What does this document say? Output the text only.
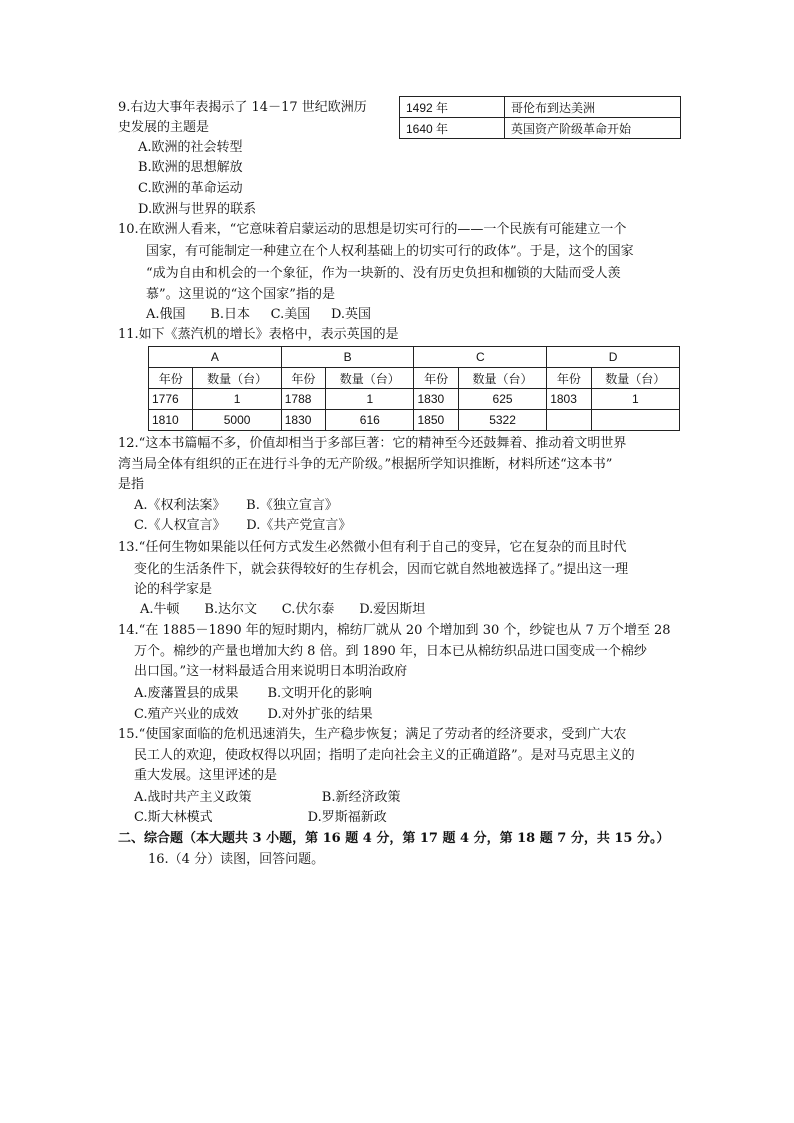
9.右边大事年表揭示了 14－17 世纪欧洲历
史发展的主题是
A.欧洲的社会转型
B.欧洲的思想解放
C.欧洲的革命运动
D.欧洲与世界的联系
1492 年	哥伦布到达美洲
1640 年	英国资产阶级革命开始
10.在欧洲人看来，“它意味着启蒙运动的思想是切实可行的——一个民族有可能建立一个
国家，有可能制定一种建立在个人权利基础上的切实可行的政体”。于是，这个的国家
“成为自由和机会的一个象征，作为一块新的、没有历史负担和枷锁的大陆而受人羡
慕”。这里说的“这个国家”指的是
A.俄国      B.日本     C.美国     D.英国
11.如下《蒸汽机的增长》表格中，表示英国的是
A		B		C		D	
年份	数量（台）	年份	数量（台）	年份	数量（台）	年份	数量（台）
1776	1	1788	1	1830	625	1803	1
1810	5000	1830	616	1850	5322		
12.“这本书篇幅不多，价值却相当于多部巨著：它的精神至今还鼓舞着、推动着文明世界
湾当局全体有组织的正在进行斗争的无产阶级。”根据所学知识推断，材料所述“这本书”
是指
A.《权利法案》     B.《独立宣言》
C.《人权宣言》     D.《共产党宣言》
13.“任何生物如果能以任何方式发生必然微小但有利于自己的变异，它在复杂的而且时代
变化的生活条件下，就会获得较好的生存机会，因而它就自然地被选择了。”提出这一理
论的科学家是
A.牛顿      B.达尔文      C.伏尔泰      D.爱因斯坦
14.“在 1885－1890 年的短时期内，棉纺厂就从 20 个增加到 30 个，纱锭也从 7 万个增至 28
万个。棉纱的产量也增加大约 8 倍。到 1890 年，日本已从棉纺织品进口国变成一个棉纱
出口国。”这一材料最适合用来说明日本明治政府
A.废藩置县的成果       B.文明开化的影响
C.殖产兴业的成效       D.对外扩张的结果
15.“使国家面临的危机迅速消失，生产稳步恢复；满足了劳动者的经济要求，受到广大农
民工人的欢迎，使政权得以巩固；指明了走向社会主义的正确道路”。是对马克思主义的
重大发展。这里评述的是
A.战时共产主义政策                 B.新经济政策
C.斯大林模式                       D.罗斯福新政
二、综合题（本大题共 3 小题，第 16 题 4 分，第 17 题 4 分，第 18 题 7 分，共 15 分。）
16.（4 分）读图，回答问题。
